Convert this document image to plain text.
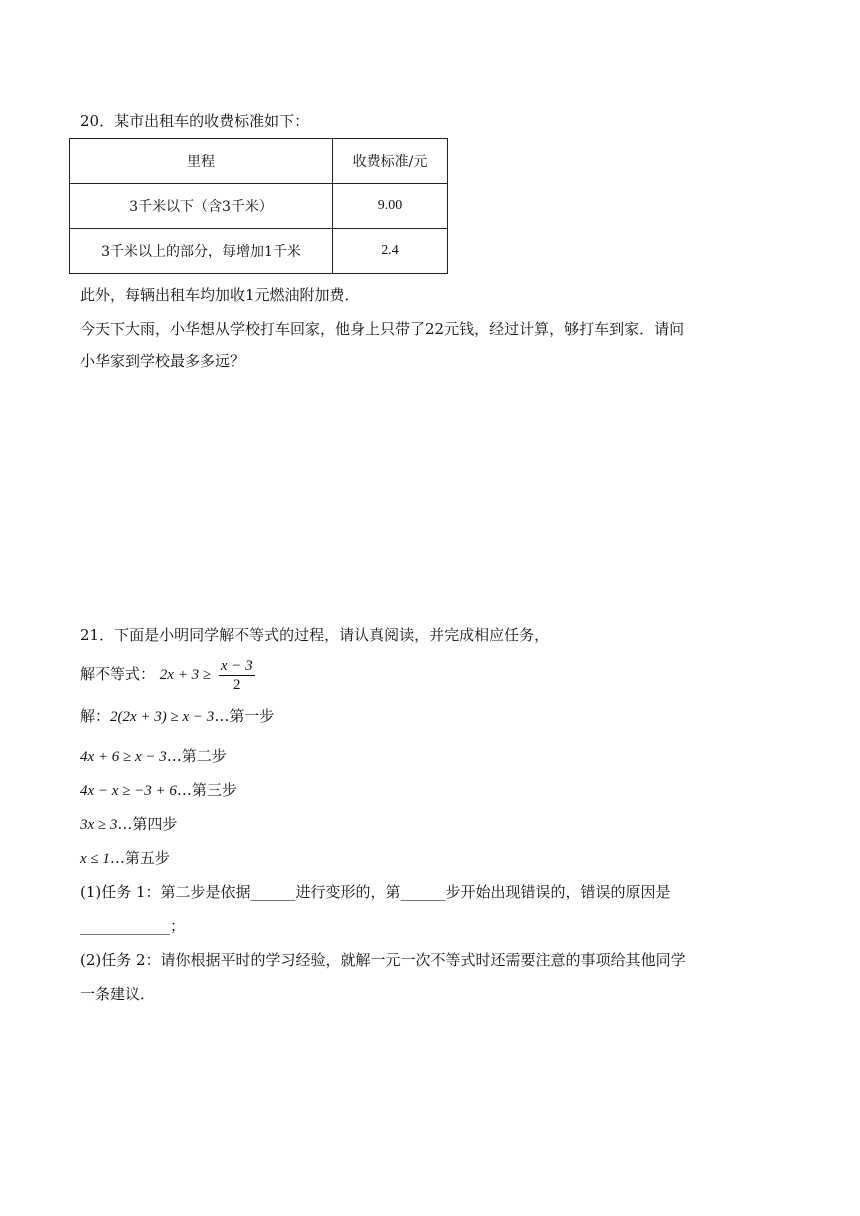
20．某市出租车的收费标准如下：
里程	收费标准/元
3千米以下（含3千米）	9.00
3千米以上的部分，每增加1千米	2.4
此外，每辆出租车均加收1元燃油附加费．
今天下大雨，小华想从学校打车回家，他身上只带了22元钱，经过计算，够打车到家．请问
小华家到学校最多多远？
21．下面是小明同学解不等式的过程，请认真阅读，并完成相应任务，
解不等式： $2x + 3 \ge \frac{x - 3}{2}$
解：2(2x + 3) ≥ x − 3…第一步
4x + 6 ≥ x − 3…第二步
4x − x ≥ −3 + 6…第三步
3x ≥ 3…第四步
x ≤ 1…第五步
(1)任务 1：第二步是依据______进行变形的，第______步开始出现错误的，错误的原因是
____________；
(2)任务 2：请你根据平时的学习经验，就解一元一次不等式时还需要注意的事项给其他同学
一条建议．
